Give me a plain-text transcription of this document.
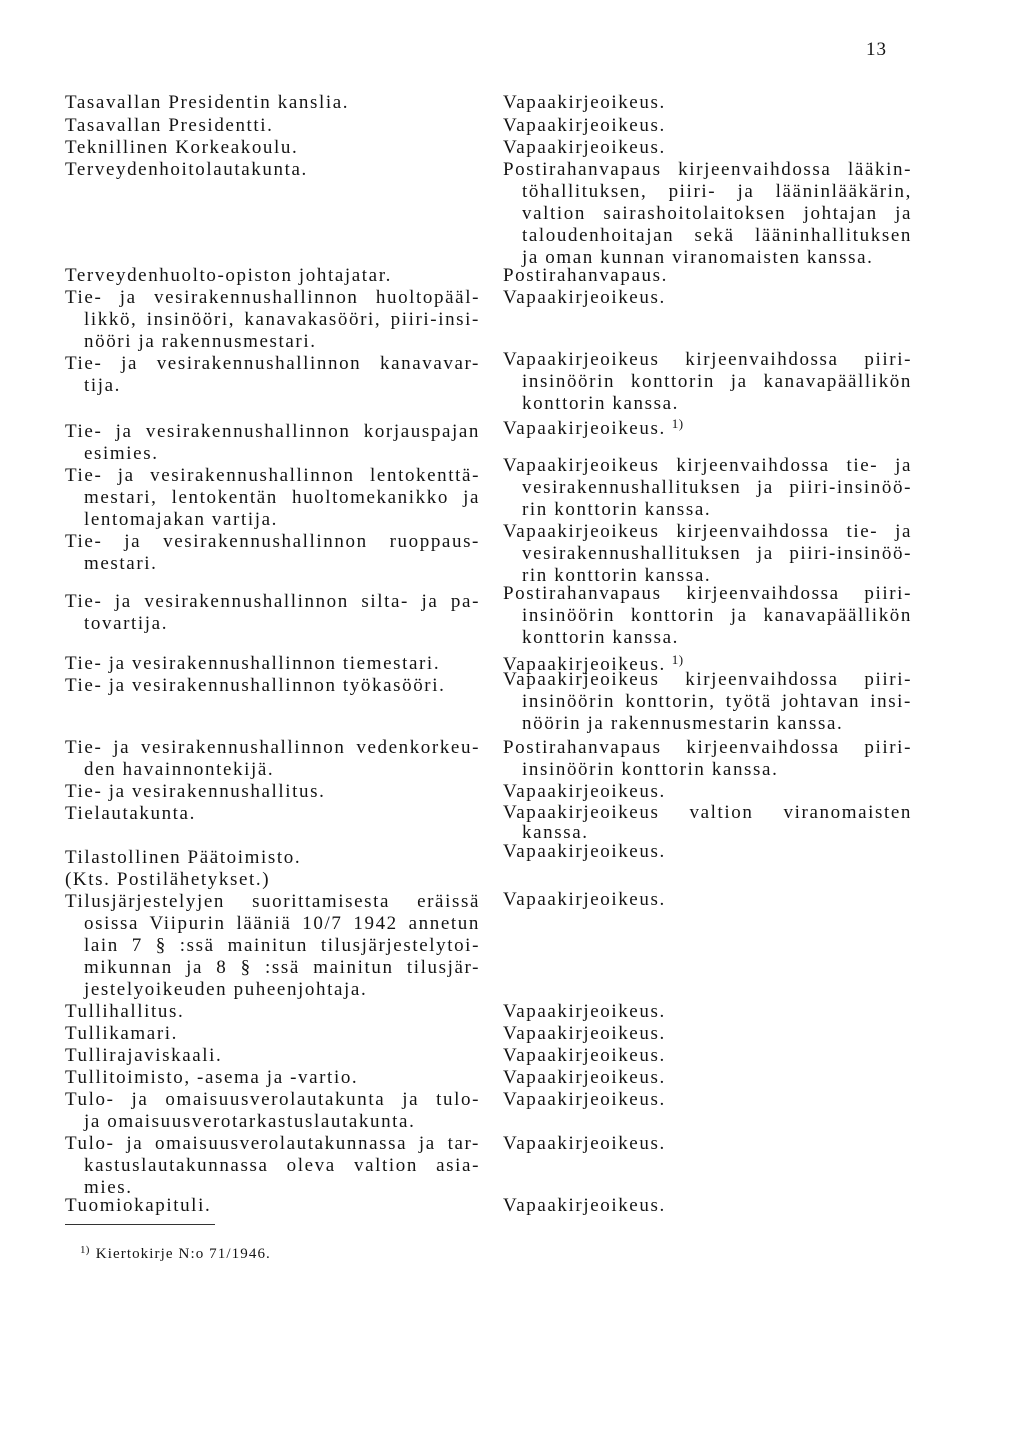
13
Tasavallan Presidentin kanslia.
Tasavallan Presidentti.
Teknillinen Korkeakoulu.
Terveydenhoitolautakunta.
Terveydenhuolto-opiston johtajatar.
Tie- ja vesirakennushallinnon huoltopääl-
likkö, insinööri, kanavakasööri, piiri-insi-
nööri ja rakennusmestari.
Tie- ja vesirakennushallinnon kanavavar-
tija.
Tie- ja vesirakennushallinnon korjauspajan
esimies.
Tie- ja vesirakennushallinnon lentokenttä-
mestari, lentokentän huoltomekanikko ja
lentomajakan vartija.
Tie- ja vesirakennushallinnon ruoppaus-
mestari.
Tie- ja vesirakennushallinnon silta- ja pa-
tovartija.
Tie- ja vesirakennushallinnon tiemestari.
Tie- ja vesirakennushallinnon työkasööri.
Tie- ja vesirakennushallinnon vedenkorkeu-
den havainnontekijä.
Tie- ja vesirakennushallitus.
Tielautakunta.
Tilastollinen Päätoimisto.
(Kts. Postilähetykset.)
Tilusjärjestelyjen suorittamisesta eräissä
osissa Viipurin lääniä 10/7 1942 annetun
lain 7 § :ssä mainitun tilusjärjestelytoi-
mikunnan ja 8 § :ssä mainitun tilusjär-
jestelyoikeuden puheenjohtaja.
Tullihallitus.
Tullikamari.
Tullirajaviskaali.
Tullitoimisto, -asema ja -vartio.
Tulo- ja omaisuusverolautakunta ja tulo-
ja omaisuusverotarkastuslautakunta.
Tulo- ja omaisuusverolautakunnassa ja tar-
kastuslautakunnassa oleva valtion asia-
mies.
Tuomiokapituli.
Vapaakirjeoikeus.
Vapaakirjeoikeus.
Vapaakirjeoikeus.
Postirahanvapaus kirjeenvaihdossa lääkin-
töhallituksen, piiri- ja lääninlääkärin,
valtion sairashoitolaitoksen johtajan ja
taloudenhoitajan sekä lääninhallituksen
ja oman kunnan viranomaisten kanssa.
Postirahanvapaus.
Vapaakirjeoikeus.
Vapaakirjeoikeus kirjeenvaihdossa piiri-
insinöörin konttorin ja kanavapäällikön
konttorin kanssa.
Vapaakirjeoikeus. $^{1)}$
Vapaakirjeoikeus kirjeenvaihdossa tie- ja
vesirakennushallituksen ja piiri-insinöö-
rin konttorin kanssa.
Vapaakirjeoikeus kirjeenvaihdossa tie- ja
vesirakennushallituksen ja piiri-insinöö-
rin konttorin kanssa.
Postirahanvapaus kirjeenvaihdossa piiri-
insinöörin konttorin ja kanavapäällikön
konttorin kanssa.
Vapaakirjeoikeus. $^{1)}$
Vapaakirjeoikeus kirjeenvaihdossa piiri-
insinöörin konttorin, työtä johtavan insi-
nöörin ja rakennusmestarin kanssa.
Postirahanvapaus kirjeenvaihdossa piiri-
insinöörin konttorin kanssa.
Vapaakirjeoikeus.
Vapaakirjeoikeus valtion viranomaisten
kanssa.
Vapaakirjeoikeus.
Vapaakirjeoikeus.
Vapaakirjeoikeus.
Vapaakirjeoikeus.
Vapaakirjeoikeus.
Vapaakirjeoikeus.
Vapaakirjeoikeus.
Vapaakirjeoikeus.
Vapaakirjeoikeus.
$^{1)}$ Kiertokirje N:o 71/1946.
